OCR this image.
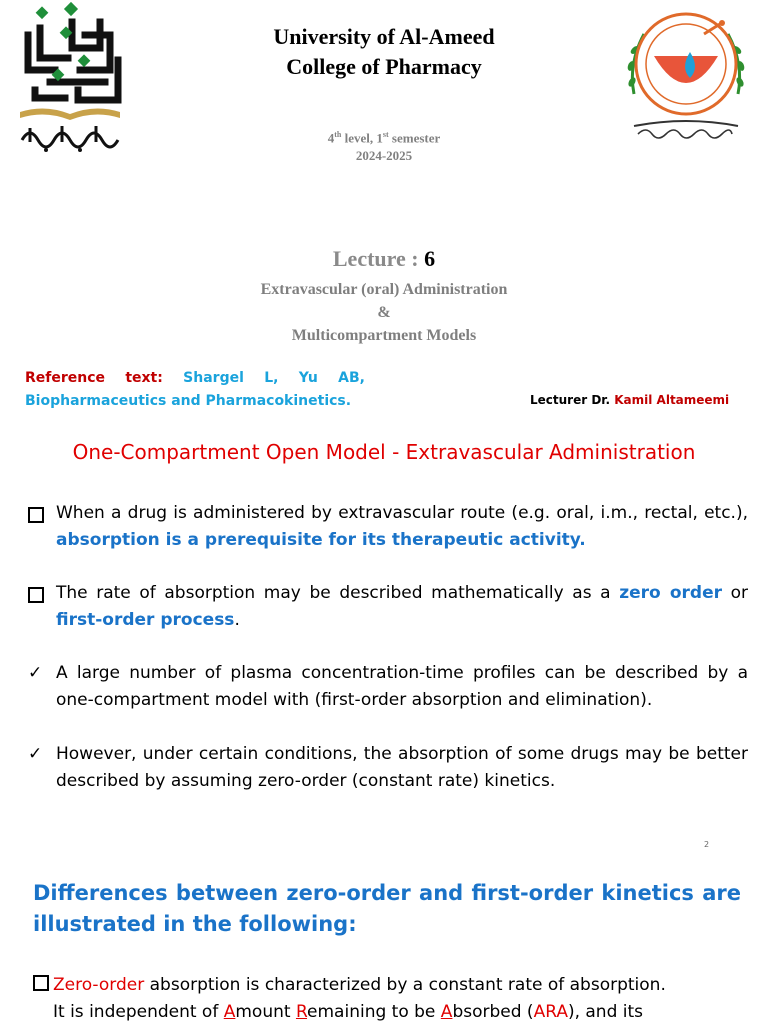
University of Al-Ameed
College of Pharmacy
4th level, 1st semester
2024-2025
Lecture : 6
Extravascular (oral) Administration
&
Multicompartment Models
Reference text: Shargel L, Yu AB, Biopharmaceutics and Pharmacokinetics.	Lecturer Dr. Kamil Altameemi
One-Compartment Open Model - Extravascular Administration
When a drug is administered by extravascular route (e.g. oral, i.m., rectal, etc.), absorption is a prerequisite for its therapeutic activity.
The rate of absorption may be described mathematically as a zero order or first-order process.
✓ A large number of plasma concentration-time profiles can be described by a one-compartment model with (first-order absorption and elimination).
✓ However, under certain conditions, the absorption of some drugs may be better described by assuming zero-order (constant rate) kinetics.
2
Differences between zero-order and first-order kinetics are illustrated in the following:
Zero-order absorption is characterized by a constant rate of absorption.
It is independent of Amount Remaining to be Absorbed (ARA), and its
